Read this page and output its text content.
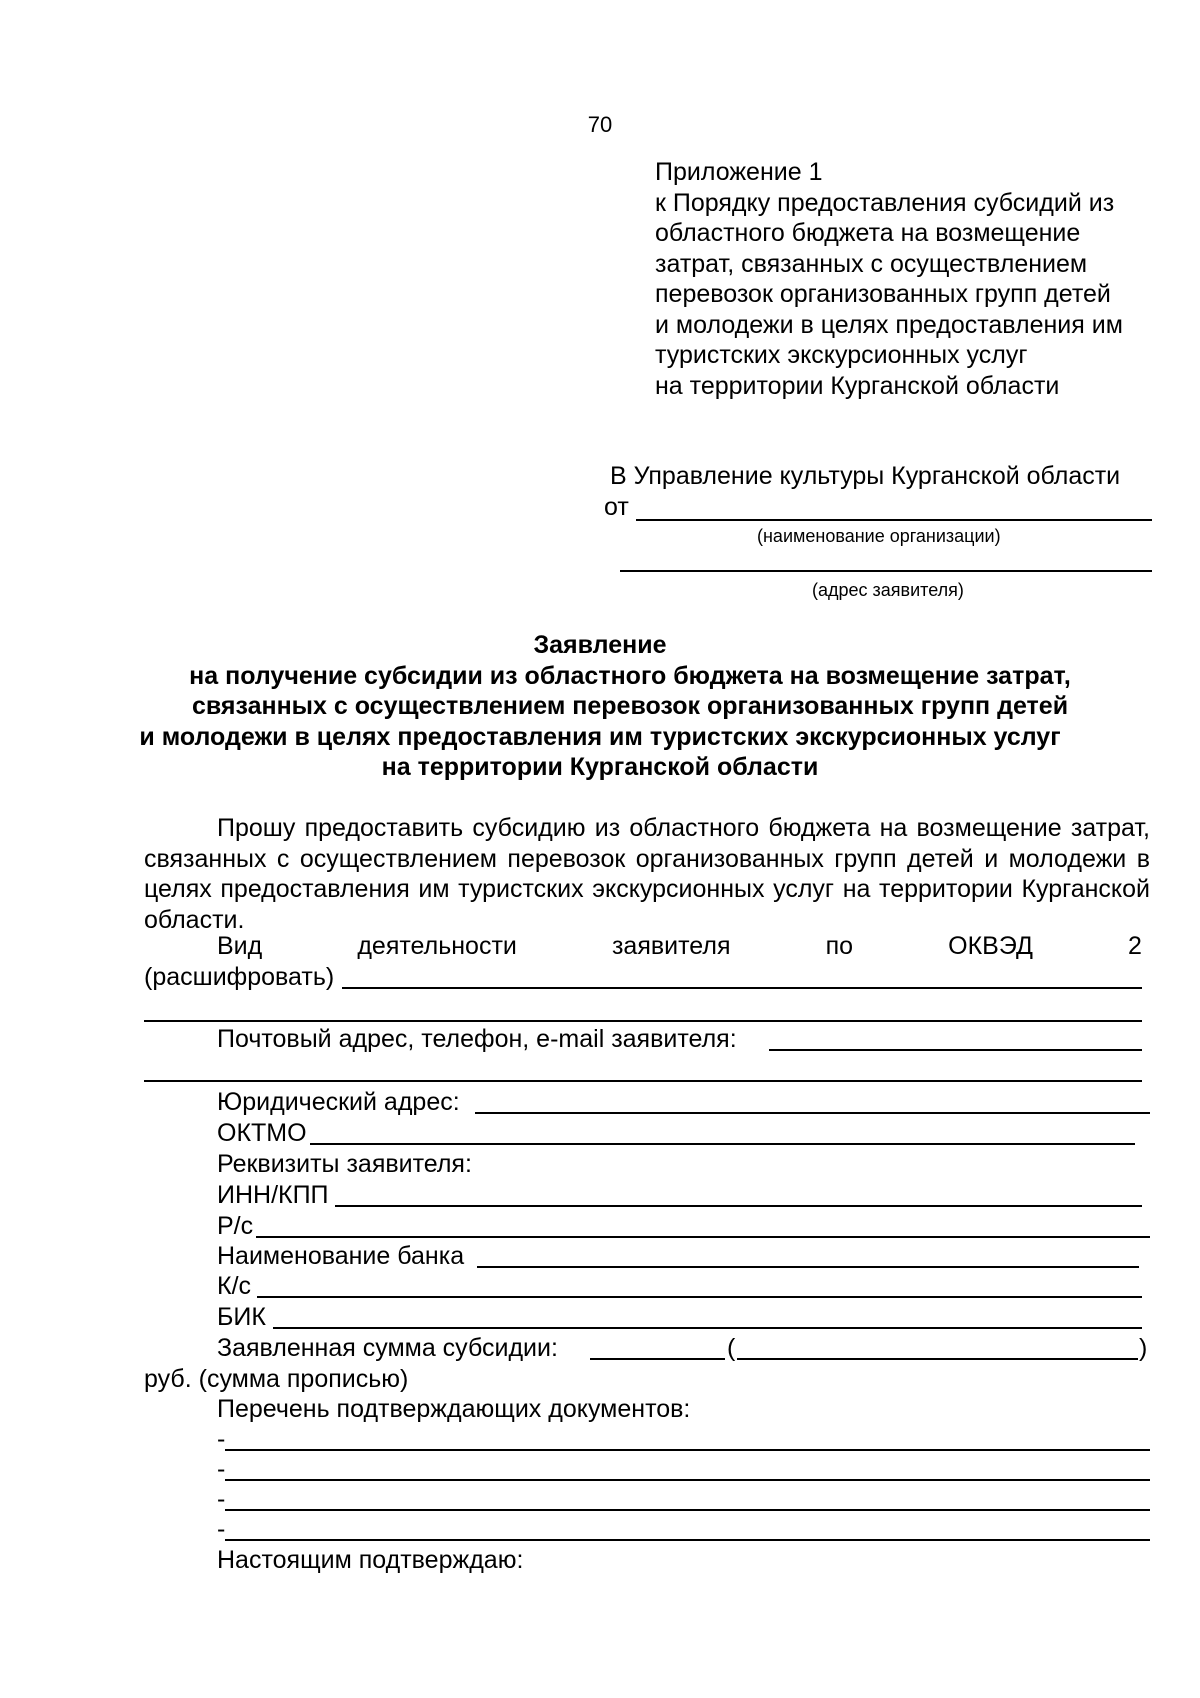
70
Приложение 1
к Порядку предоставления субсидий из
областного бюджета на возмещение
затрат, связанных с осуществлением
перевозок организованных групп детей
и молодежи в целях предоставления им
туристских экскурсионных услуг
на территории Курганской области
В Управление культуры Курганской области
от
(наименование организации)
(адрес заявителя)
Заявление
на получение субсидии из областного бюджета на возмещение затрат,
связанных с осуществлением перевозок организованных групп детей
и молодежи в целях предоставления им туристских экскурсионных услуг
на территории Курганской области
Прошу предоставить субсидию из областного бюджета на возмещение затрат, связанных с осуществлением перевозок организованных групп детей и молодежи в целях предоставления им туристских экскурсионных услуг на территории Курганской области.
Вид	деятельности	заявителя	по	ОКВЭД	2
(расшифровать)
Почтовый адрес, телефон, e-mail заявителя:
Юридический адрес:
ОКТМО
Реквизиты заявителя:
ИНН/КПП
Р/с
Наименование банка
К/с
БИК
Заявленная сумма субсидии:	(	)
руб. (сумма прописью)
Перечень подтверждающих документов:
-
-
-
-
Настоящим подтверждаю:
